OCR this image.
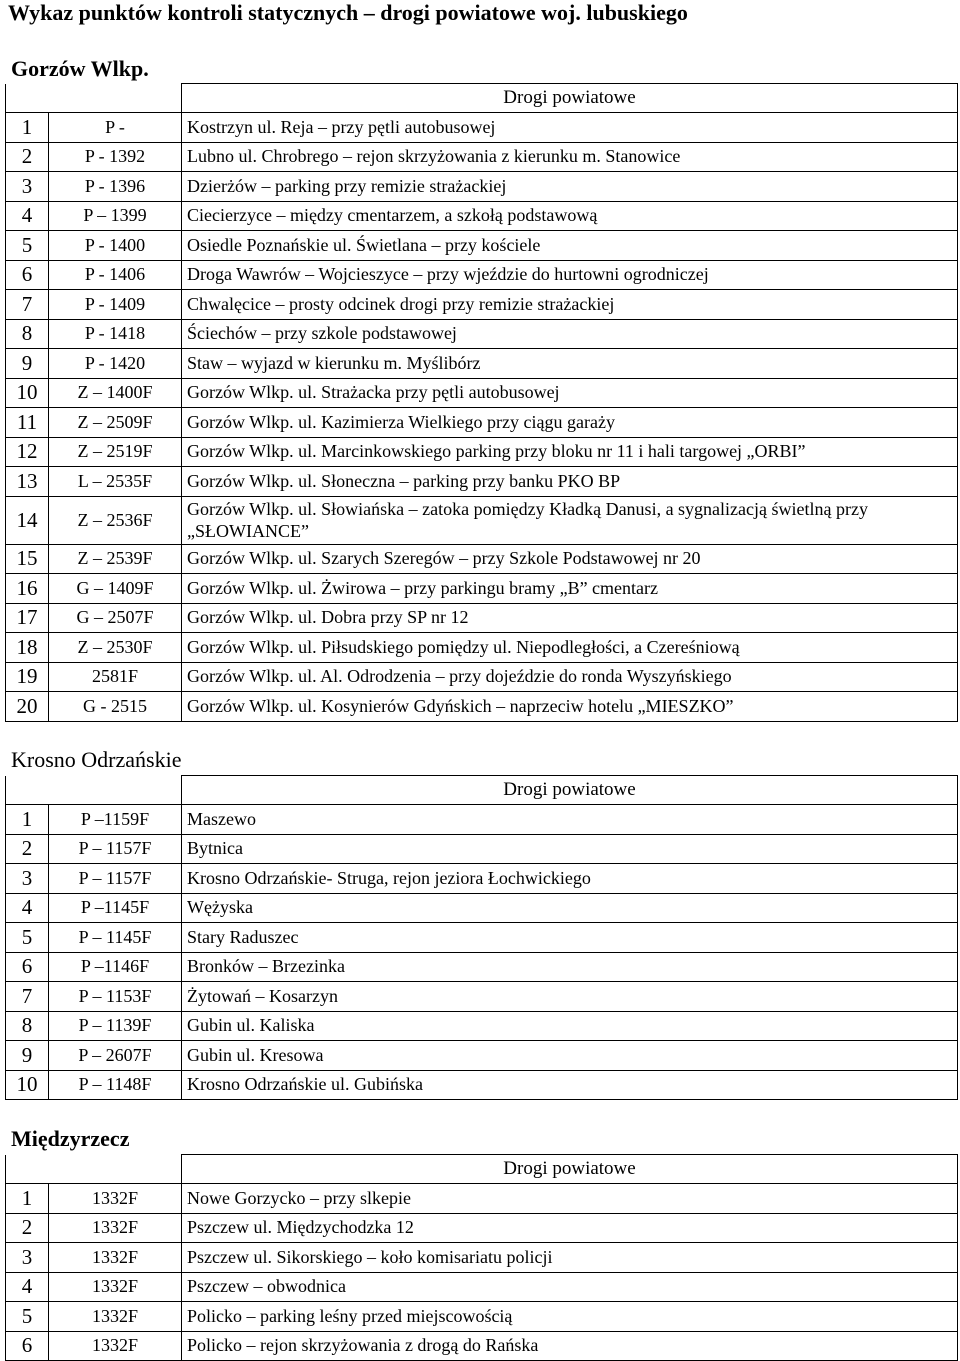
Wykaz punktów kontroli statycznych – drogi powiatowe woj. lubuskiego
Gorzów Wlkp.
		Drogi powiatowe
1	P -	Kostrzyn ul. Reja – przy pętli autobusowej
2	P - 1392	Lubno ul. Chrobrego – rejon skrzyżowania z kierunku m. Stanowice
3	P - 1396	Dzierżów – parking przy remizie strażackiej
4	P – 1399	Ciecierzyce – między cmentarzem, a szkołą podstawową
5	P - 1400	Osiedle Poznańskie ul. Świetlana – przy kościele
6	P - 1406	Droga Wawrów – Wojcieszyce – przy wjeździe do hurtowni ogrodniczej
7	P - 1409	Chwalęcice – prosty odcinek drogi przy remizie strażackiej
8	P - 1418	Ściechów – przy szkole podstawowej
9	P - 1420	Staw – wyjazd w kierunku m. Myślibórz
10	Z – 1400F	Gorzów Wlkp. ul. Strażacka przy pętli autobusowej
11	Z – 2509F	Gorzów Wlkp. ul. Kazimierza Wielkiego przy ciągu garaży
12	Z – 2519F	Gorzów Wlkp. ul. Marcinkowskiego parking przy bloku nr 11 i hali targowej „ORBI”
13	L – 2535F	Gorzów Wlkp. ul. Słoneczna – parking przy banku PKO BP
14	Z – 2536F	Gorzów Wlkp. ul. Słowiańska – zatoka pomiędzy Kładką Danusi, a sygnalizacją świetlną przy „SŁOWIANCE”
15	Z – 2539F	Gorzów Wlkp. ul. Szarych Szeregów – przy Szkole Podstawowej nr 20
16	G – 1409F	Gorzów Wlkp. ul. Żwirowa – przy parkingu bramy „B” cmentarz
17	G – 2507F	Gorzów Wlkp. ul. Dobra przy SP nr 12
18	Z – 2530F	Gorzów Wlkp. ul. Piłsudskiego pomiędzy ul. Niepodległości, a Czereśniową
19	2581F	Gorzów Wlkp. ul. Al. Odrodzenia – przy dojeździe do ronda Wyszyńskiego
20	G - 2515	Gorzów Wlkp. ul. Kosynierów Gdyńskich – naprzeciw hotelu „MIESZKO”
Krosno Odrzańskie
		Drogi powiatowe
1	P –1159F	Maszewo
2	P – 1157F	Bytnica
3	P – 1157F	Krosno Odrzańskie- Struga, rejon jeziora Łochwickiego
4	P –1145F	Wężyska
5	P – 1145F	Stary Raduszec
6	P –1146F	Bronków – Brzezinka
7	P – 1153F	Żytowań – Kosarzyn
8	P – 1139F	Gubin ul. Kaliska
9	P – 2607F	Gubin ul. Kresowa
10	P – 1148F	Krosno Odrzańskie ul. Gubińska
Międzyrzecz
		Drogi powiatowe
1	1332F	Nowe Gorzycko – przy slkepie
2	1332F	Pszczew ul. Międzychodzka 12
3	1332F	Pszczew ul. Sikorskiego – koło komisariatu policji
4	1332F	Pszczew – obwodnica
5	1332F	Policko – parking leśny przed miejscowością
6	1332F	Policko – rejon skrzyżowania z drogą do Rańska
